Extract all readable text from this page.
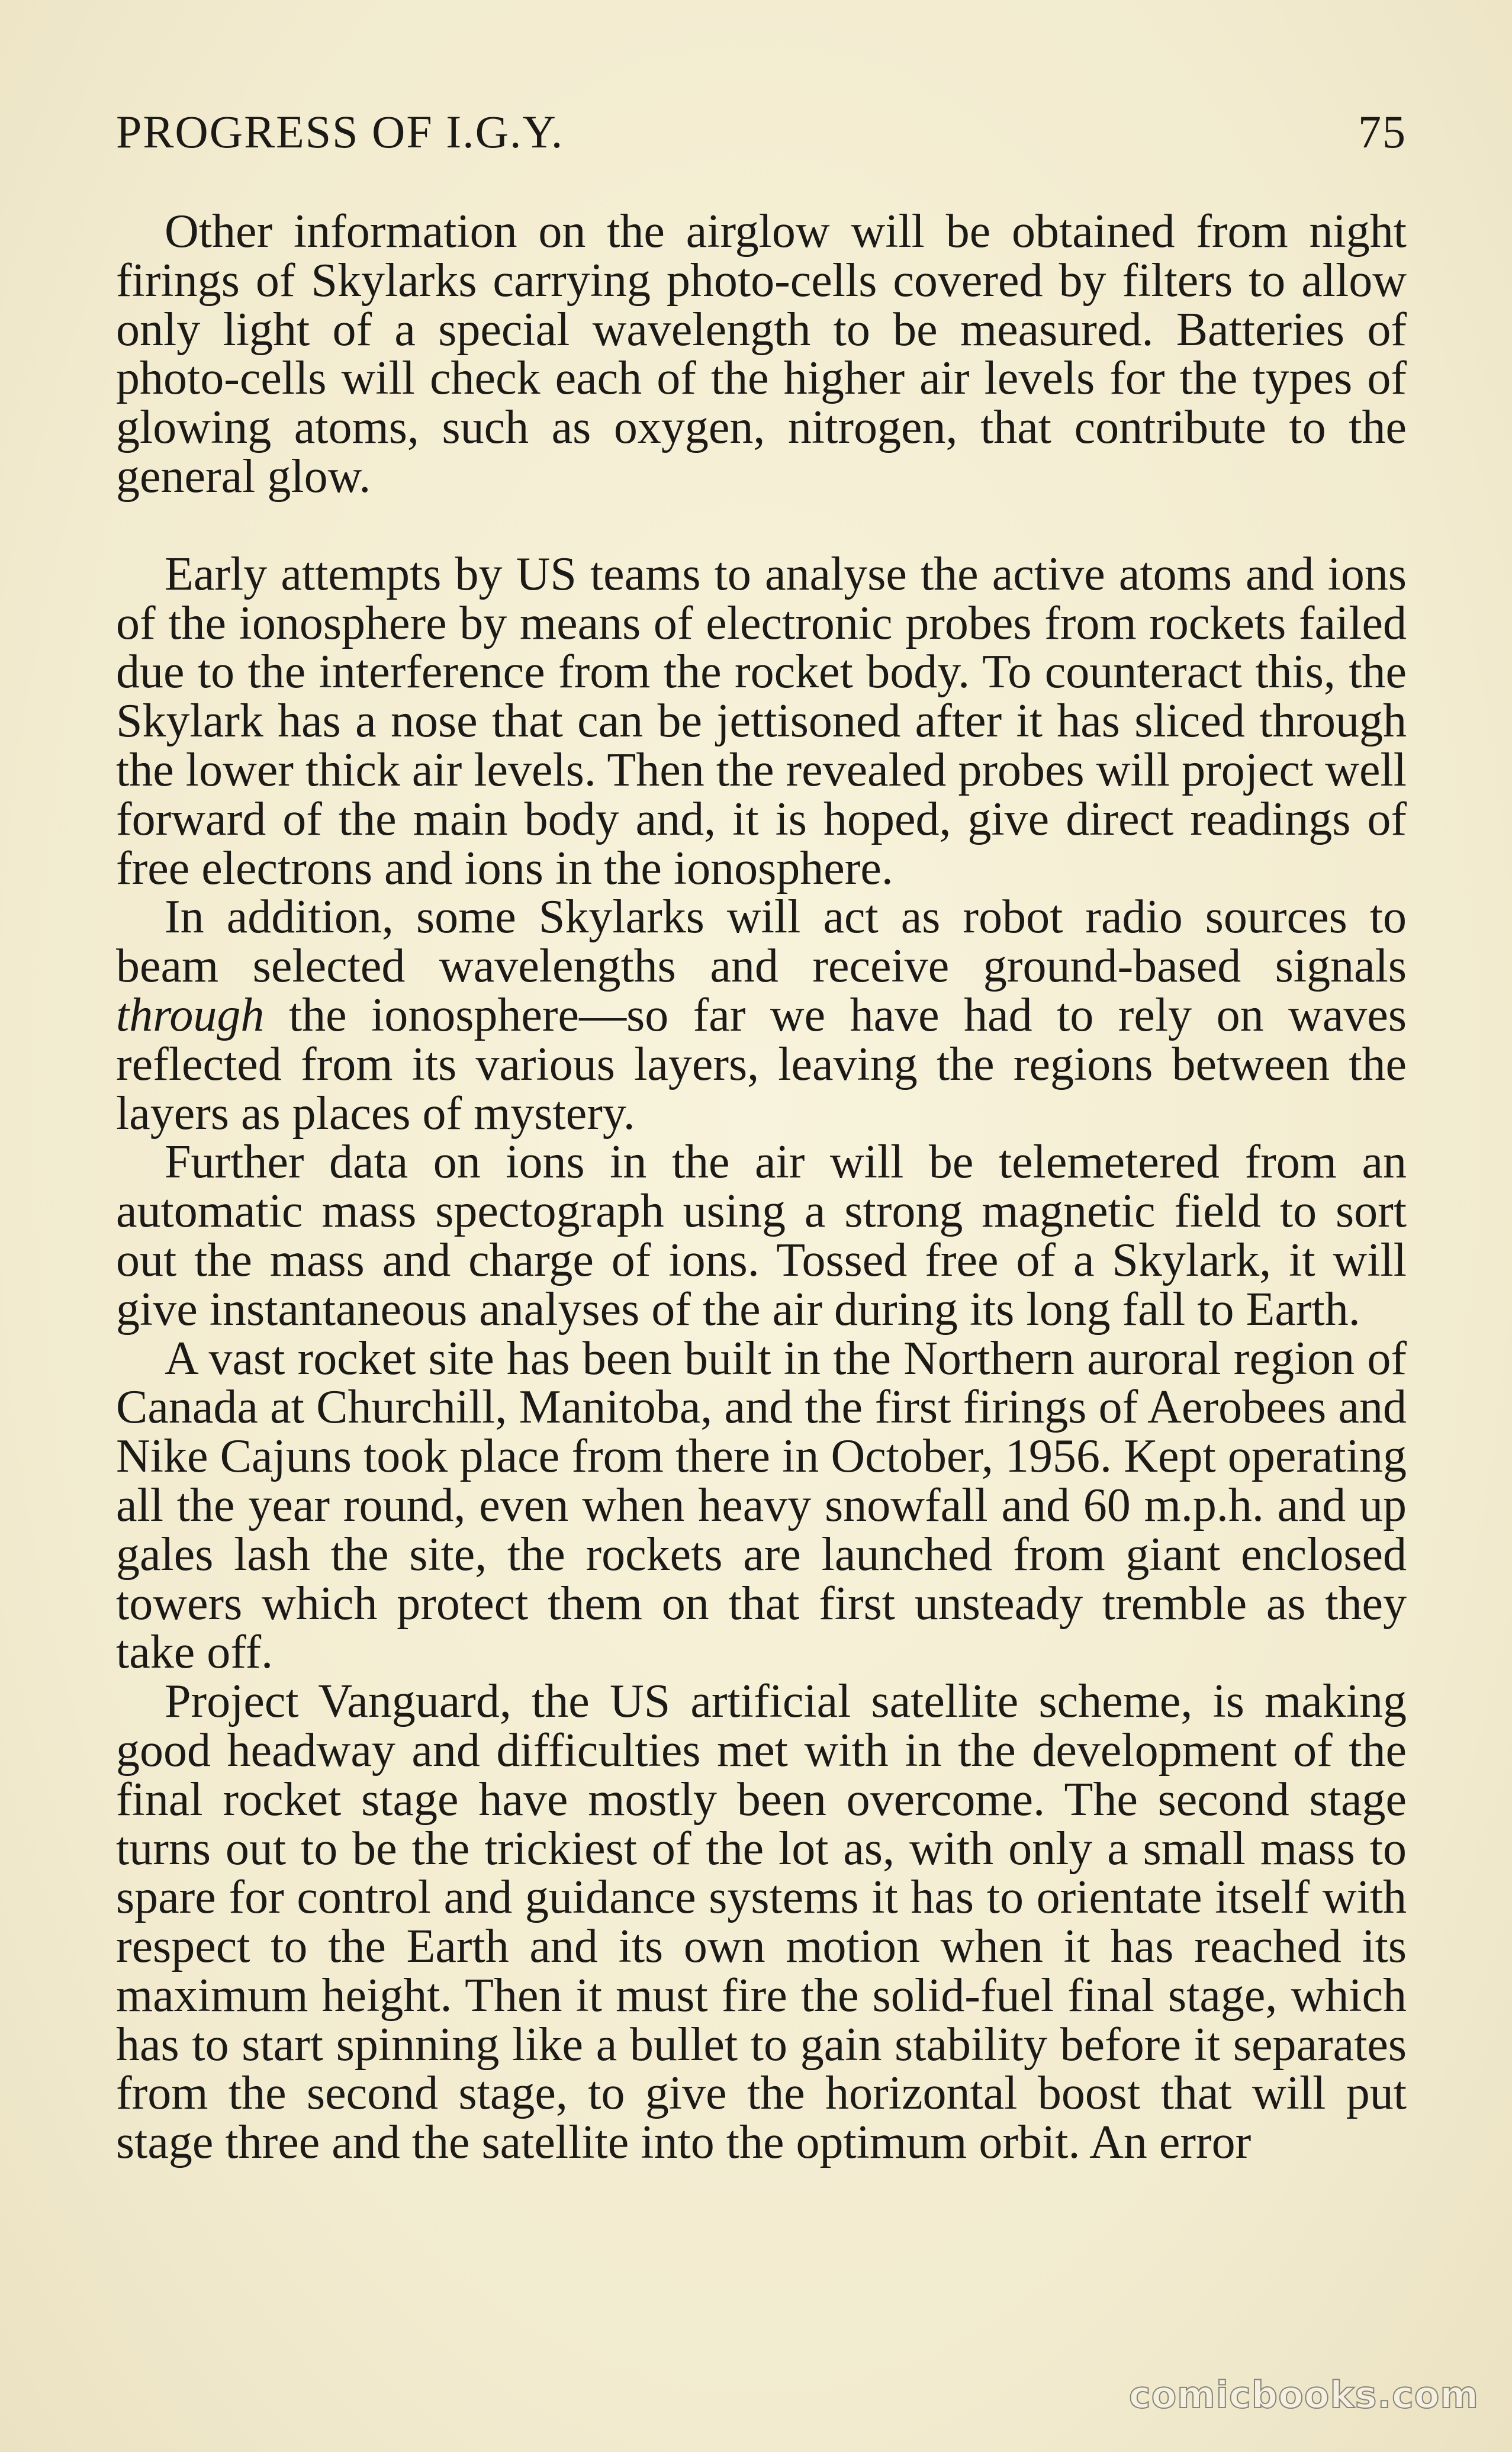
PROGRESS OF I.G.Y.	75

Other information on the airglow will be obtained from night firings of Skylarks carrying photo-cells covered by filters to allow only light of a special wavelength to be measured. Batteries of photo-cells will check each of the higher air levels for the types of glowing atoms, such as oxygen, nitrogen, that contribute to the general glow.

Early attempts by US teams to analyse the active atoms and ions of the ionosphere by means of electronic probes from rockets failed due to the interference from the rocket body. To counteract this, the Skylark has a nose that can be jettisoned after it has sliced through the lower thick air levels. Then the revealed probes will project well forward of the main body and, it is hoped, give direct readings of free electrons and ions in the ionosphere.

In addition, some Skylarks will act as robot radio sources to beam selected wavelengths and receive ground-based signals through the ionosphere—so far we have had to rely on waves reflected from its various layers, leaving the regions between the layers as places of mystery.

Further data on ions in the air will be telemetered from an automatic mass spectograph using a strong magnetic field to sort out the mass and charge of ions. Tossed free of a Skylark, it will give instantaneous analyses of the air during its long fall to Earth.

A vast rocket site has been built in the Northern auroral region of Canada at Churchill, Manitoba, and the first firings of Aerobees and Nike Cajuns took place from there in October, 1956. Kept operating all the year round, even when heavy snowfall and 60 m.p.h. and up gales lash the site, the rockets are launched from giant enclosed towers which protect them on that first unsteady tremble as they take off.

Project Vanguard, the US artificial satellite scheme, is making good headway and difficulties met with in the development of the final rocket stage have mostly been overcome. The second stage turns out to be the trickiest of the lot as, with only a small mass to spare for control and guidance systems it has to orientate itself with respect to the Earth and its own motion when it has reached its maximum height. Then it must fire the solid-fuel final stage, which has to start spinning like a bullet to gain stability before it separates from the second stage, to give the horizontal boost that will put stage three and the satellite into the optimum orbit. An error

comicbooks.com
